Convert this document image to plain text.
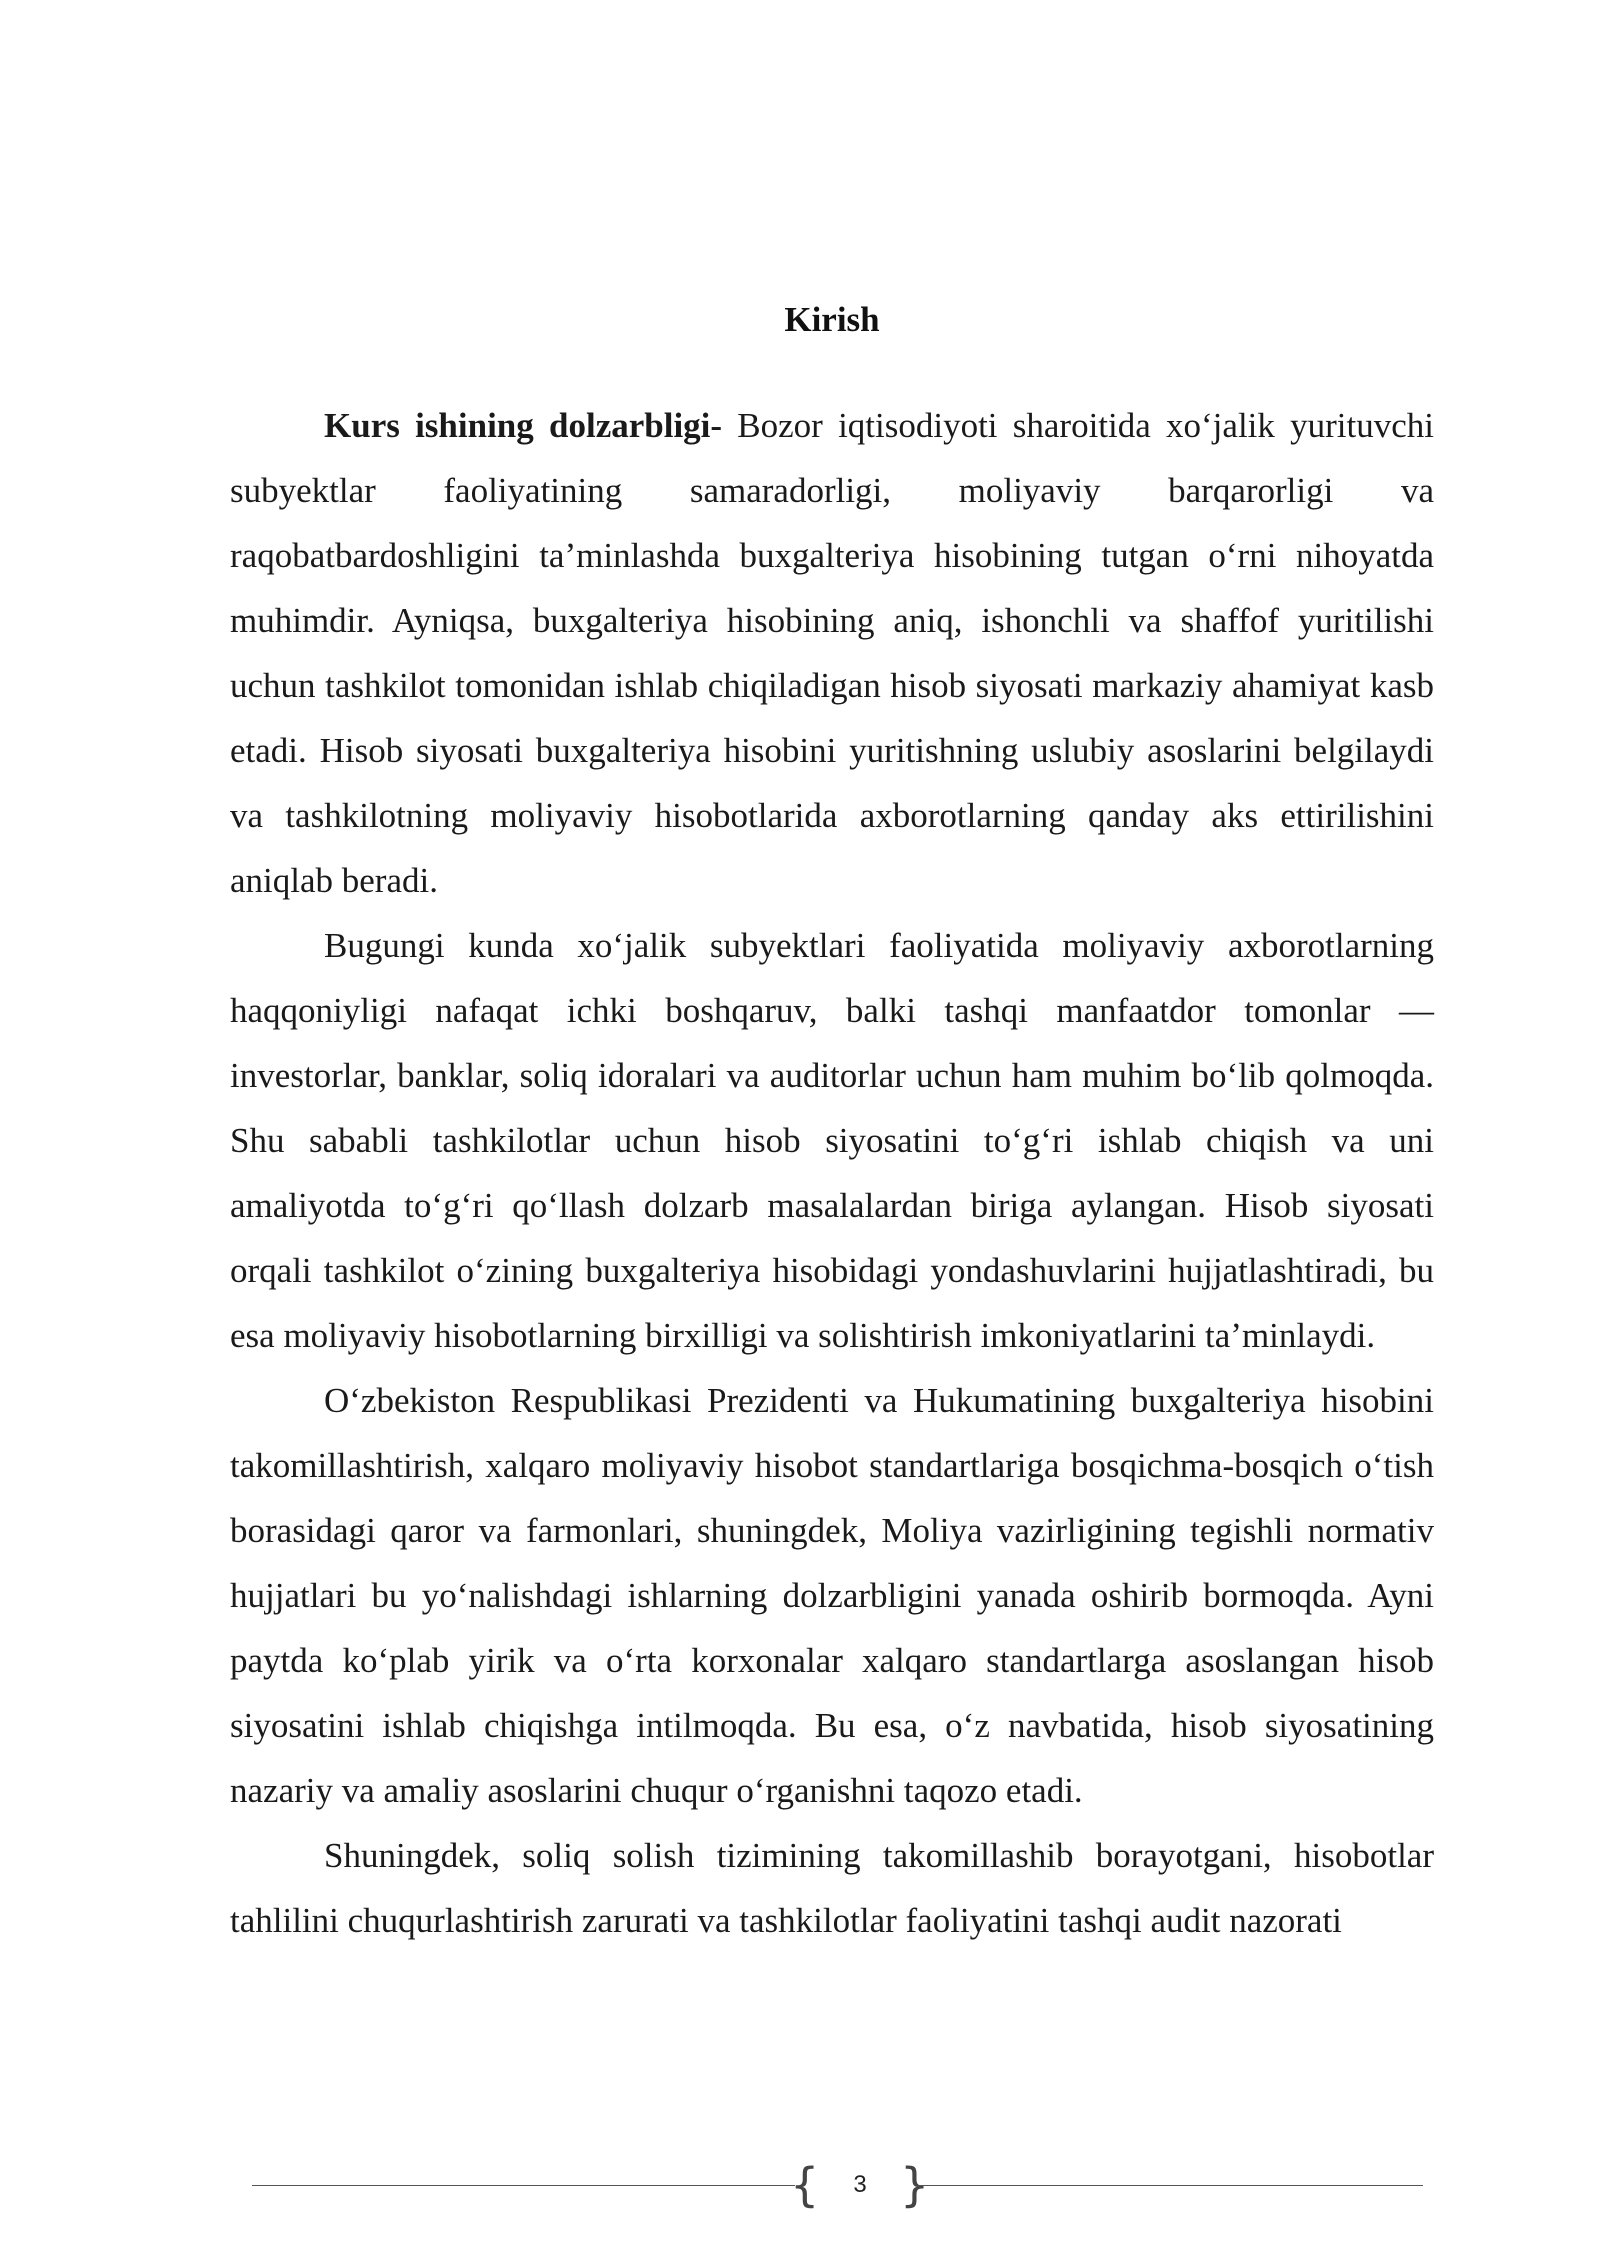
Kirish

Kurs ishining dolzarbligi- Bozor iqtisodiyoti sharoitida xoʻjalik yurituvchi subyektlar faoliyatining samaradorligi, moliyaviy barqarorligi va raqobatbardoshligini taʼminlashda buxgalteriya hisobining tutgan oʻrni nihoyatda muhimdir. Ayniqsa, buxgalteriya hisobining aniq, ishonchli va shaffof yuritilishi uchun tashkilot tomonidan ishlab chiqiladigan hisob siyosati markaziy ahamiyat kasb etadi. Hisob siyosati buxgalteriya hisobini yuritishning uslubiy asoslarini belgilaydi va tashkilotning moliyaviy hisobotlarida axborotlarning qanday aks ettirilishini aniqlab beradi.

Bugungi kunda xoʻjalik subyektlari faoliyatida moliyaviy axborotlarning haqqoniyligi nafaqat ichki boshqaruv, balki tashqi manfaatdor tomonlar — investorlar, banklar, soliq idoralari va auditorlar uchun ham muhim boʻlib qolmoqda. Shu sababli tashkilotlar uchun hisob siyosatini toʻgʻri ishlab chiqish va uni amaliyotda toʻgʻri qoʻllash dolzarb masalalardan biriga aylangan. Hisob siyosati orqali tashkilot oʻzining buxgalteriya hisobidagi yondashuvlarini hujjatlashtiradi, bu esa moliyaviy hisobotlarning birxilligi va solishtirish imkoniyatlarini taʼminlaydi.

Oʻzbekiston Respublikasi Prezidenti va Hukumatining buxgalteriya hisobini takomillashtirish, xalqaro moliyaviy hisobot standartlariga bosqichma-bosqich oʻtish borasidagi qaror va farmonlari, shuningdek, Moliya vazirligining tegishli normativ hujjatlari bu yoʻnalishdagi ishlarning dolzarbligini yanada oshirib bormoqda. Ayni paytda koʻplab yirik va oʻrta korxonalar xalqaro standartlarga asoslangan hisob siyosatini ishlab chiqishga intilmoqda. Bu esa, oʻz navbatida, hisob siyosatining nazariy va amaliy asoslarini chuqur oʻrganishni taqozo etadi.

Shuningdek, soliq solish tizimining takomillashib borayotgani, hisobotlar tahlilini chuqurlashtirish zarurati va tashkilotlar faoliyatini tashqi audit nazorati

{	3 }
